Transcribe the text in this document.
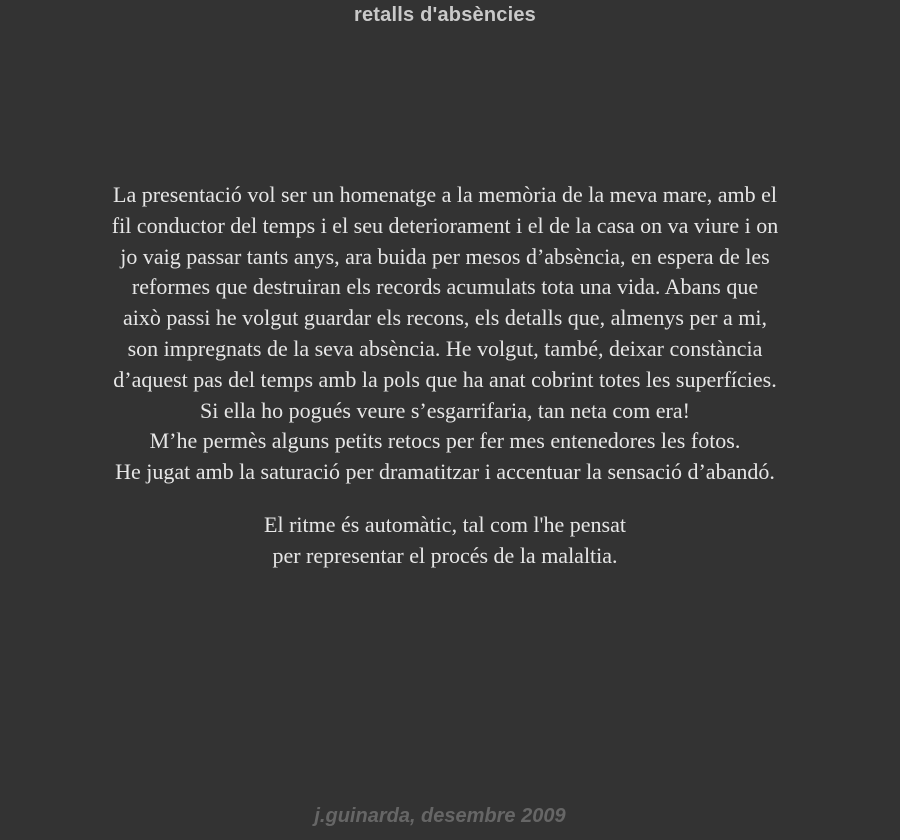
retalls d'absències
La presentació vol ser un homenatge a la memòria de la meva mare, amb el
fil conductor del temps i el seu deteriorament i el de la casa on va viure i on
jo vaig passar tants anys, ara buida per mesos d’absència, en espera de les
reformes que destruiran els records acumulats tota una vida. Abans que
això passi he volgut guardar els recons, els detalls que, almenys per a mi,
son impregnats de la seva absència. He volgut, també, deixar constància
d’aquest pas del temps amb la pols que ha anat cobrint totes les superfícies.
Si ella ho pogués veure s’esgarrifaria, tan neta com era!
M’he permès alguns petits retocs per fer mes entenedores les fotos.
He jugat amb la saturació per dramatitzar i accentuar la sensació d’abandó.
El ritme és automàtic, tal com l'he pensat
per representar el procés de la malaltia.
j.guinarda, desembre 2009
